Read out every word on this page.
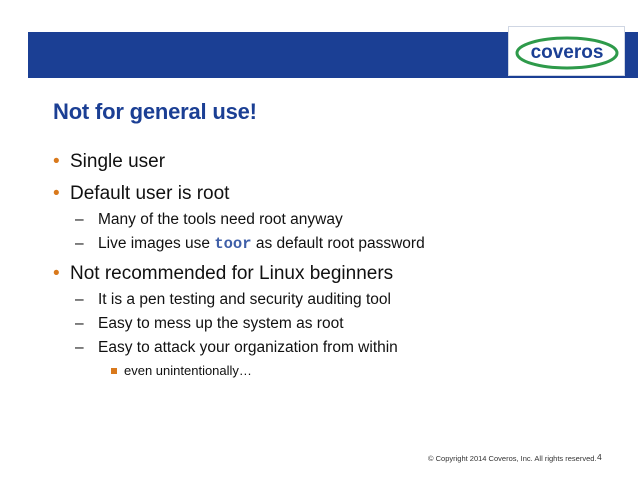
coveros
Not for general use!
• Single user
• Default user is root
– Many of the tools need root anyway
– Live images use toor as default root password
• Not recommended for Linux beginners
– It is a pen testing and security auditing tool
– Easy to mess up the system as root
– Easy to attack your organization from within
even unintentionally…
© Copyright 2014 Coveros, Inc. All rights reserved. 4
